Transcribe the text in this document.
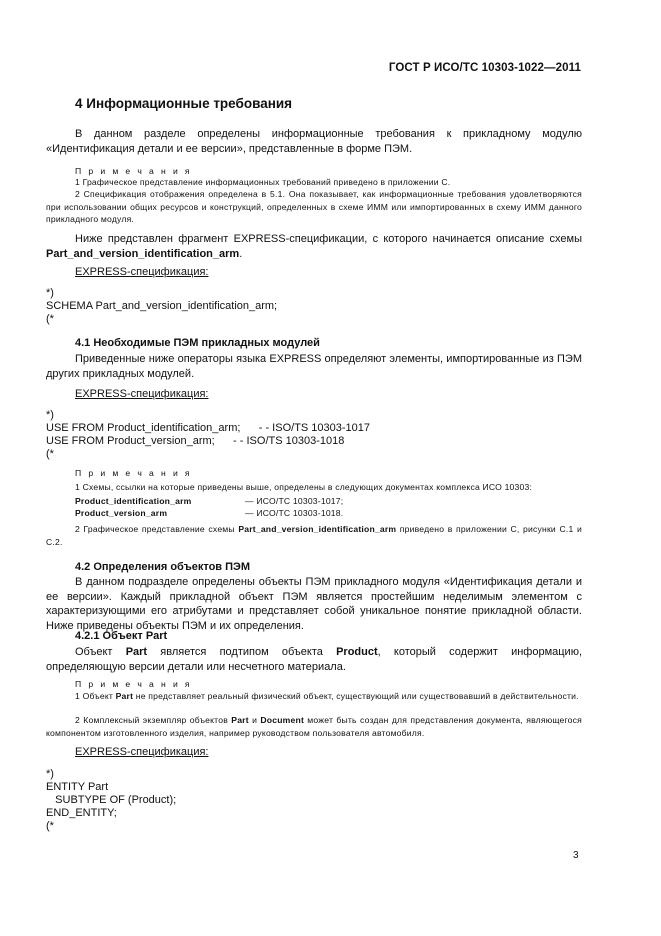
ГОСТ Р ИСО/ТС 10303-1022—2011
4 Информационные требования
В данном разделе определены информационные требования к прикладному модулю «Идентификация детали и ее версии», представленные в форме ПЭМ.
П р и м е ч а н и я
1 Графическое представление информационных требований приведено в приложении С.
2 Спецификация отображения определена в 5.1. Она показывает, как информационные требования удовлетворяются при использовании общих ресурсов и конструкций, определенных в схеме ИММ или импортированных в схему ИММ данного прикладного модуля.
Ниже представлен фрагмент EXPRESS-спецификации, с которого начинается описание схемы Part_and_version_identification_arm.
EXPRESS-спецификация:
*)
SCHEMA Part_and_version_identification_arm;
(*
4.1 Необходимые ПЭМ прикладных модулей
Приведенные ниже операторы языка EXPRESS определяют элементы, импортированные из ПЭМ других прикладных модулей.
EXPRESS-спецификация:
*)
USE FROM Product_identification_arm;      - - ISO/TS 10303-1017
USE FROM Product_version_arm;      - - ISO/TS 10303-1018
(*
П р и м е ч а н и я
1 Схемы, ссылки на которые приведены выше, определены в следующих документах комплекса ИСО 10303:
Product_identification_arm	— ИСО/ТС 10303-1017;
Product_version_arm	— ИСО/ТС 10303-1018.
2 Графическое представление схемы Part_and_version_identification_arm приведено в приложении С, рисунки С.1 и С.2.
4.2 Определения объектов ПЭМ
В данном подразделе определены объекты ПЭМ прикладного модуля «Идентификация детали и ее версии». Каждый прикладной объект ПЭМ является простейшим неделимым элементом с характеризующими его атрибутами и представляет собой уникальное понятие прикладной области. Ниже приведены объекты ПЭМ и их определения.
4.2.1 Объект Part
Объект Part является подтипом объекта Product, который содержит информацию, определяющую версии детали или несчетного материала.
П р и м е ч а н и я
1 Объект Part не представляет реальный физический объект, существующий или существовавший в действительности.
2 Комплексный экземпляр объектов Part и Document может быть создан для представления документа, являющегося компонентом изготовленного изделия, например руководством пользователя автомобиля.
EXPRESS-спецификация:
*)
ENTITY Part
SUBTYPE OF (Product);
END_ENTITY;
(*
3
